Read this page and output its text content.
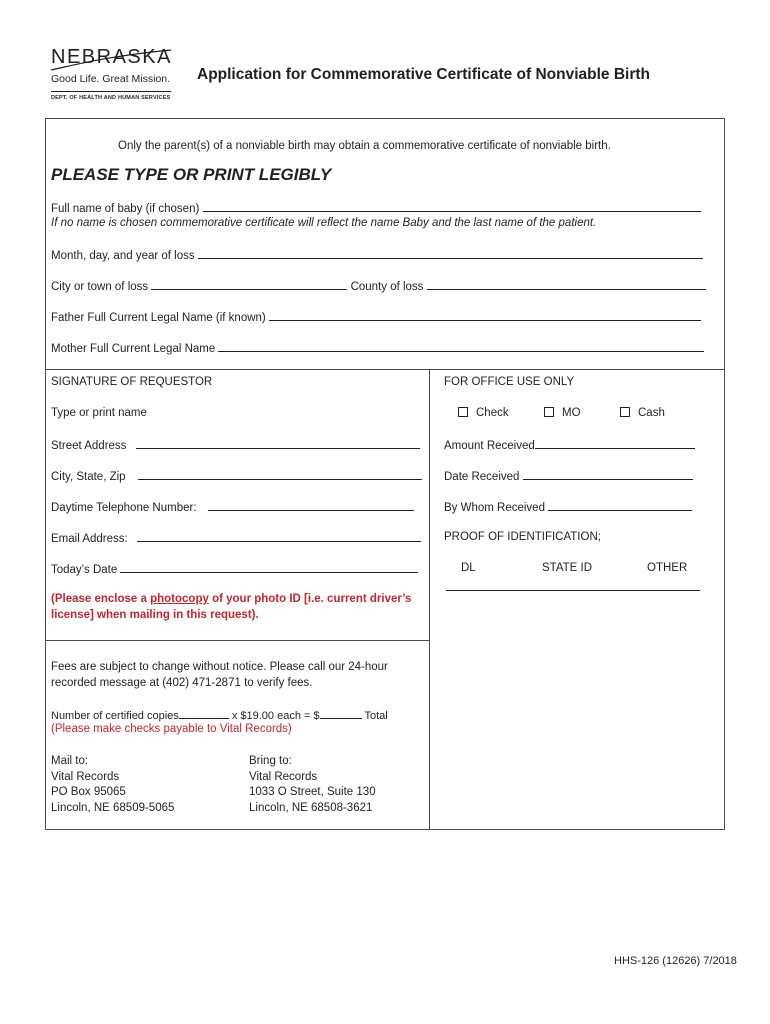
NEBRASKA
Good Life. Great Mission.
DEPT. OF HEALTH AND HUMAN SERVICES
Application for Commemorative Certificate of Nonviable Birth
Only the parent(s) of a nonviable birth may obtain a commemorative certificate of nonviable birth.
PLEASE TYPE OR PRINT LEGIBLY
Full name of baby (if chosen)
If no name is chosen commemorative certificate will reflect the name Baby and the last name of the patient.
Month, day, and year of loss
City or town of loss	County of loss
Father Full Current Legal Name (if known)
Mother Full Current Legal Name
SIGNATURE OF REQUESTOR
Type or print name
Street Address
City, State, Zip
Daytime Telephone Number:
Email Address:
Today’s Date
(Please enclose a photocopy of your photo ID [i.e. current driver’s
license] when mailing in this request).
Fees are subject to change without notice. Please call our 24-hour
recorded message at (402) 471-2871 to verify fees.
Number of certified copies	x $19.00 each = $	Total
(Please make checks payable to Vital Records)
Mail to:
Vital Records
PO Box 95065
Lincoln, NE 68509-5065
Bring to:
Vital Records
1033 O Street, Suite 130
Lincoln, NE 68508-3621
FOR OFFICE USE ONLY
Check	MO	Cash
Amount Received
Date Received
By Whom Received
PROOF OF IDENTIFICATION;
DL	STATE ID	OTHER
HHS-126 (12626) 7/2018
